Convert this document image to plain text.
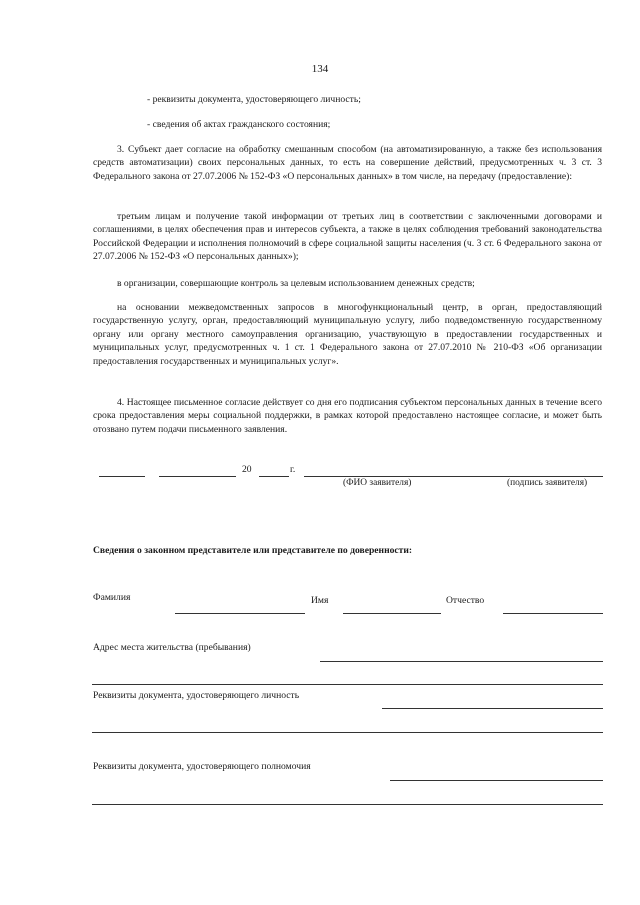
134
- реквизиты документа, удостоверяющего личность;
- сведения об актах гражданского состояния;
3. Субъект дает согласие на обработку смешанным способом (на автоматизированную, а также без использования средств автоматизации) своих персональных данных, то есть на совершение действий, предусмотренных ч. 3 ст. 3 Федерального закона от 27.07.2006 № 152-ФЗ «О персональных данных» в том числе, на передачу (предоставление):
третьим лицам и получение такой информации от третьих лиц в соответствии с заключенными договорами и соглашениями, в целях обеспечения прав и интересов субъекта, а также в целях соблюдения требований законодательства Российской Федерации и исполнения полномочий в сфере социальной защиты населения (ч. 3 ст. 6 Федерального закона от 27.07.2006 № 152-ФЗ «О персональных данных»);
в организации, совершающие контроль за целевым использованием денежных средств;
на основании межведомственных запросов в многофункциональный центр, в орган, предоставляющий государственную услугу, орган, предоставляющий муниципальную услугу, либо подведомственную государственному органу или органу местного самоуправления организацию, участвующую в предоставлении государственных и муниципальных услуг, предусмотренных ч. 1 ст. 1 Федерального закона от 27.07.2010 № 210-ФЗ «Об организации предоставления государственных и муниципальных услуг».
4. Настоящее письменное согласие действует со дня его подписания субъектом персональных данных в течение всего срока предоставления меры социальной поддержки, в рамках которой предоставлено настоящее согласие, и может быть отозвано путем подачи письменного заявления.
20	г.
(ФИО заявителя)	(подпись заявителя)
Сведения о законном представителе или представителе по доверенности:
Фамилия	Имя	Отчество
Адрес места жительства (пребывания)
Реквизиты документа, удостоверяющего личность
Реквизиты документа, удостоверяющего полномочия
